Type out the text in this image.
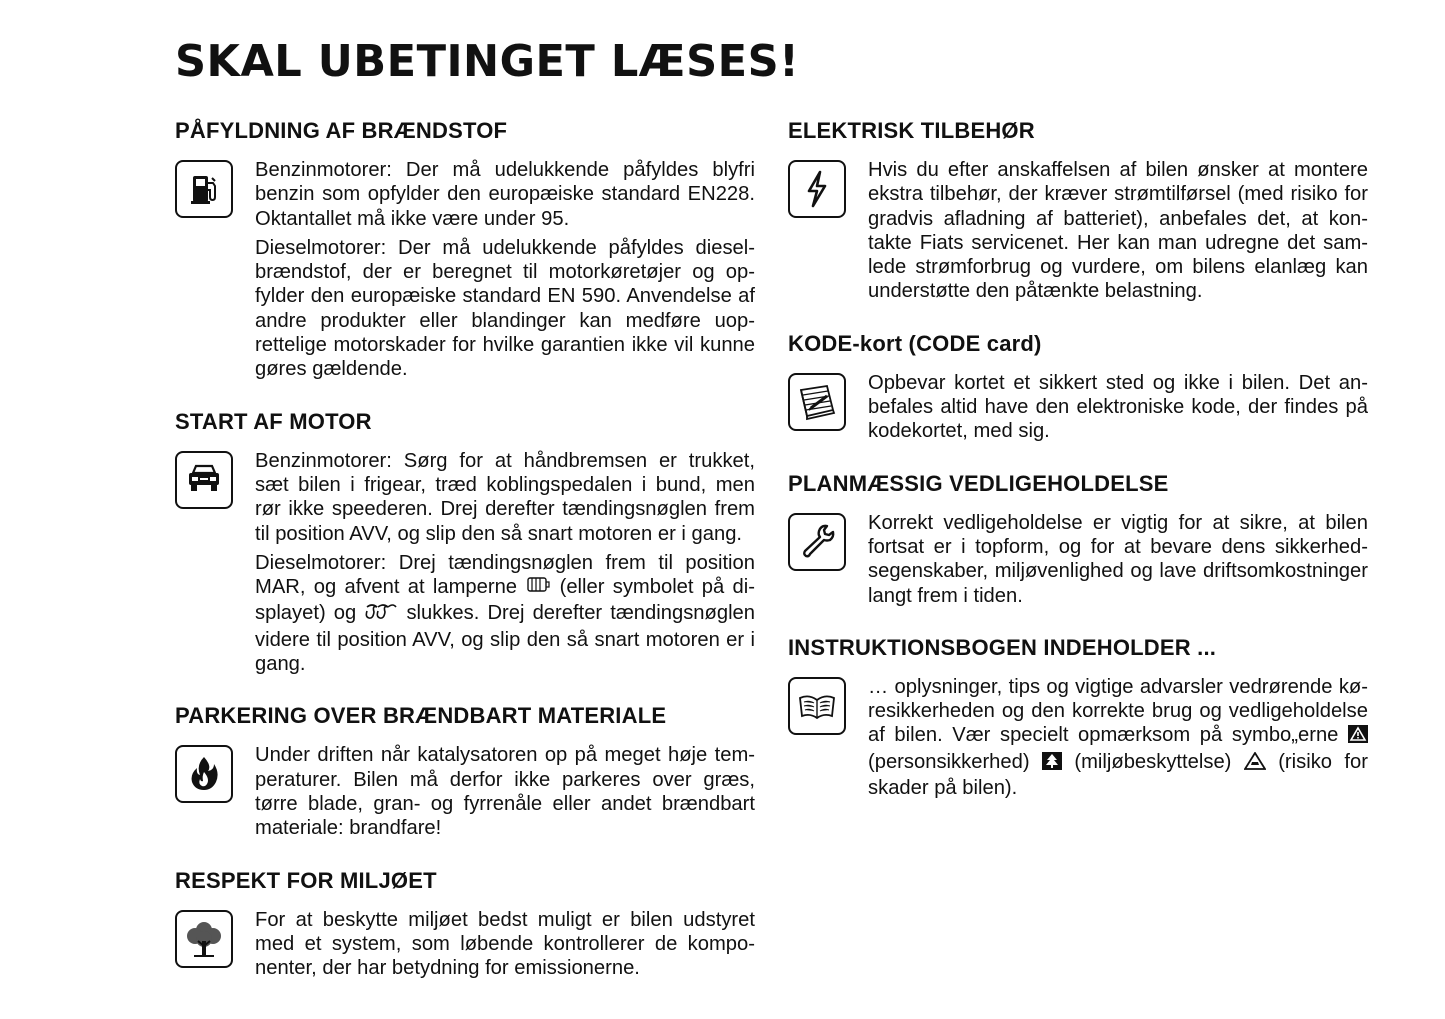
SKAL UBETINGET LÆSES!
PÅFYLDNING AF BRÆNDSTOF

Benzinmotorer: Der må udelukkende påfyldes blyfri benzin som opfylder den europæiske standard EN228. Oktantallet må ikke være under 95.

Dieselmotorer: Der må udelukkende påfyldes dieselbrændstof, der er beregnet til motorkøretøjer og opfylder den europæiske standard EN 590. Anvendelse af andre produkter eller blandinger kan medføre uoprettelige motorskader for hvilke garantien ikke vil kunne gøres gældende.

START AF MOTOR

Benzinmotorer: Sørg for at håndbremsen er trukket, sæt bilen i frigear, træd koblingspedalen i bund, men rør ikke speederen. Drej derefter tændingsnøglen frem til position AVV, og slip den så snart motoren er i gang.

Dieselmotorer: Drej tændingsnøglen frem til position MAR, og afvent at lamperne  (eller symbolet på displayet) og  slukkes. Drej derefter tændingsnøglen videre til position AVV, og slip den så snart motoren er i gang.

PARKERING OVER BRÆNDBART MATERIALE

Under driften når katalysatoren op på meget høje temperaturer. Bilen må derfor ikke parkeres over græs, tørre blade, gran- og fyrrenåle eller andet brændbart materiale: brandfare!

RESPEKT FOR MILJØET

For at beskytte miljøet bedst muligt er bilen udstyret med et system, som løbende kontrollerer de komponenter, der har betydning for emissionerne.

ELEKTRISK TILBEHØR

Hvis du efter anskaffelsen af bilen ønsker at montere ekstra tilbehør, der kræver strømtilførsel (med risiko for gradvis afladning af batteriet), anbefales det, at kontakte Fiats servicenet. Her kan man udregne det samlede strømforbrug og vurdere, om bilens elanlæg kan understøtte den påtænkte belastning.

KODE-kort (CODE card)

Opbevar kortet et sikkert sted og ikke i bilen. Det anbefales altid have den elektroniske kode, der findes på kodekortet, med sig.

PLANMÆSSIG VEDLIGEHOLDELSE

Korrekt vedligeholdelse er vigtig for at sikre, at bilen fortsat er i topform, og for at bevare dens sikkerhedsegenskaber, miljøvenlighed og lave driftsomkostninger langt frem i tiden.

INSTRUKTIONSBOGEN INDEHOLDER ...

… oplysninger, tips og vigtige advarsler vedrørende køresikkerheden og den korrekte brug og vedligeholdelse af bilen. Vær specielt opmærksom på symbo„erne  (personsikkerhed)  (miljøbeskyttelse)  (risiko for skader på bilen).
